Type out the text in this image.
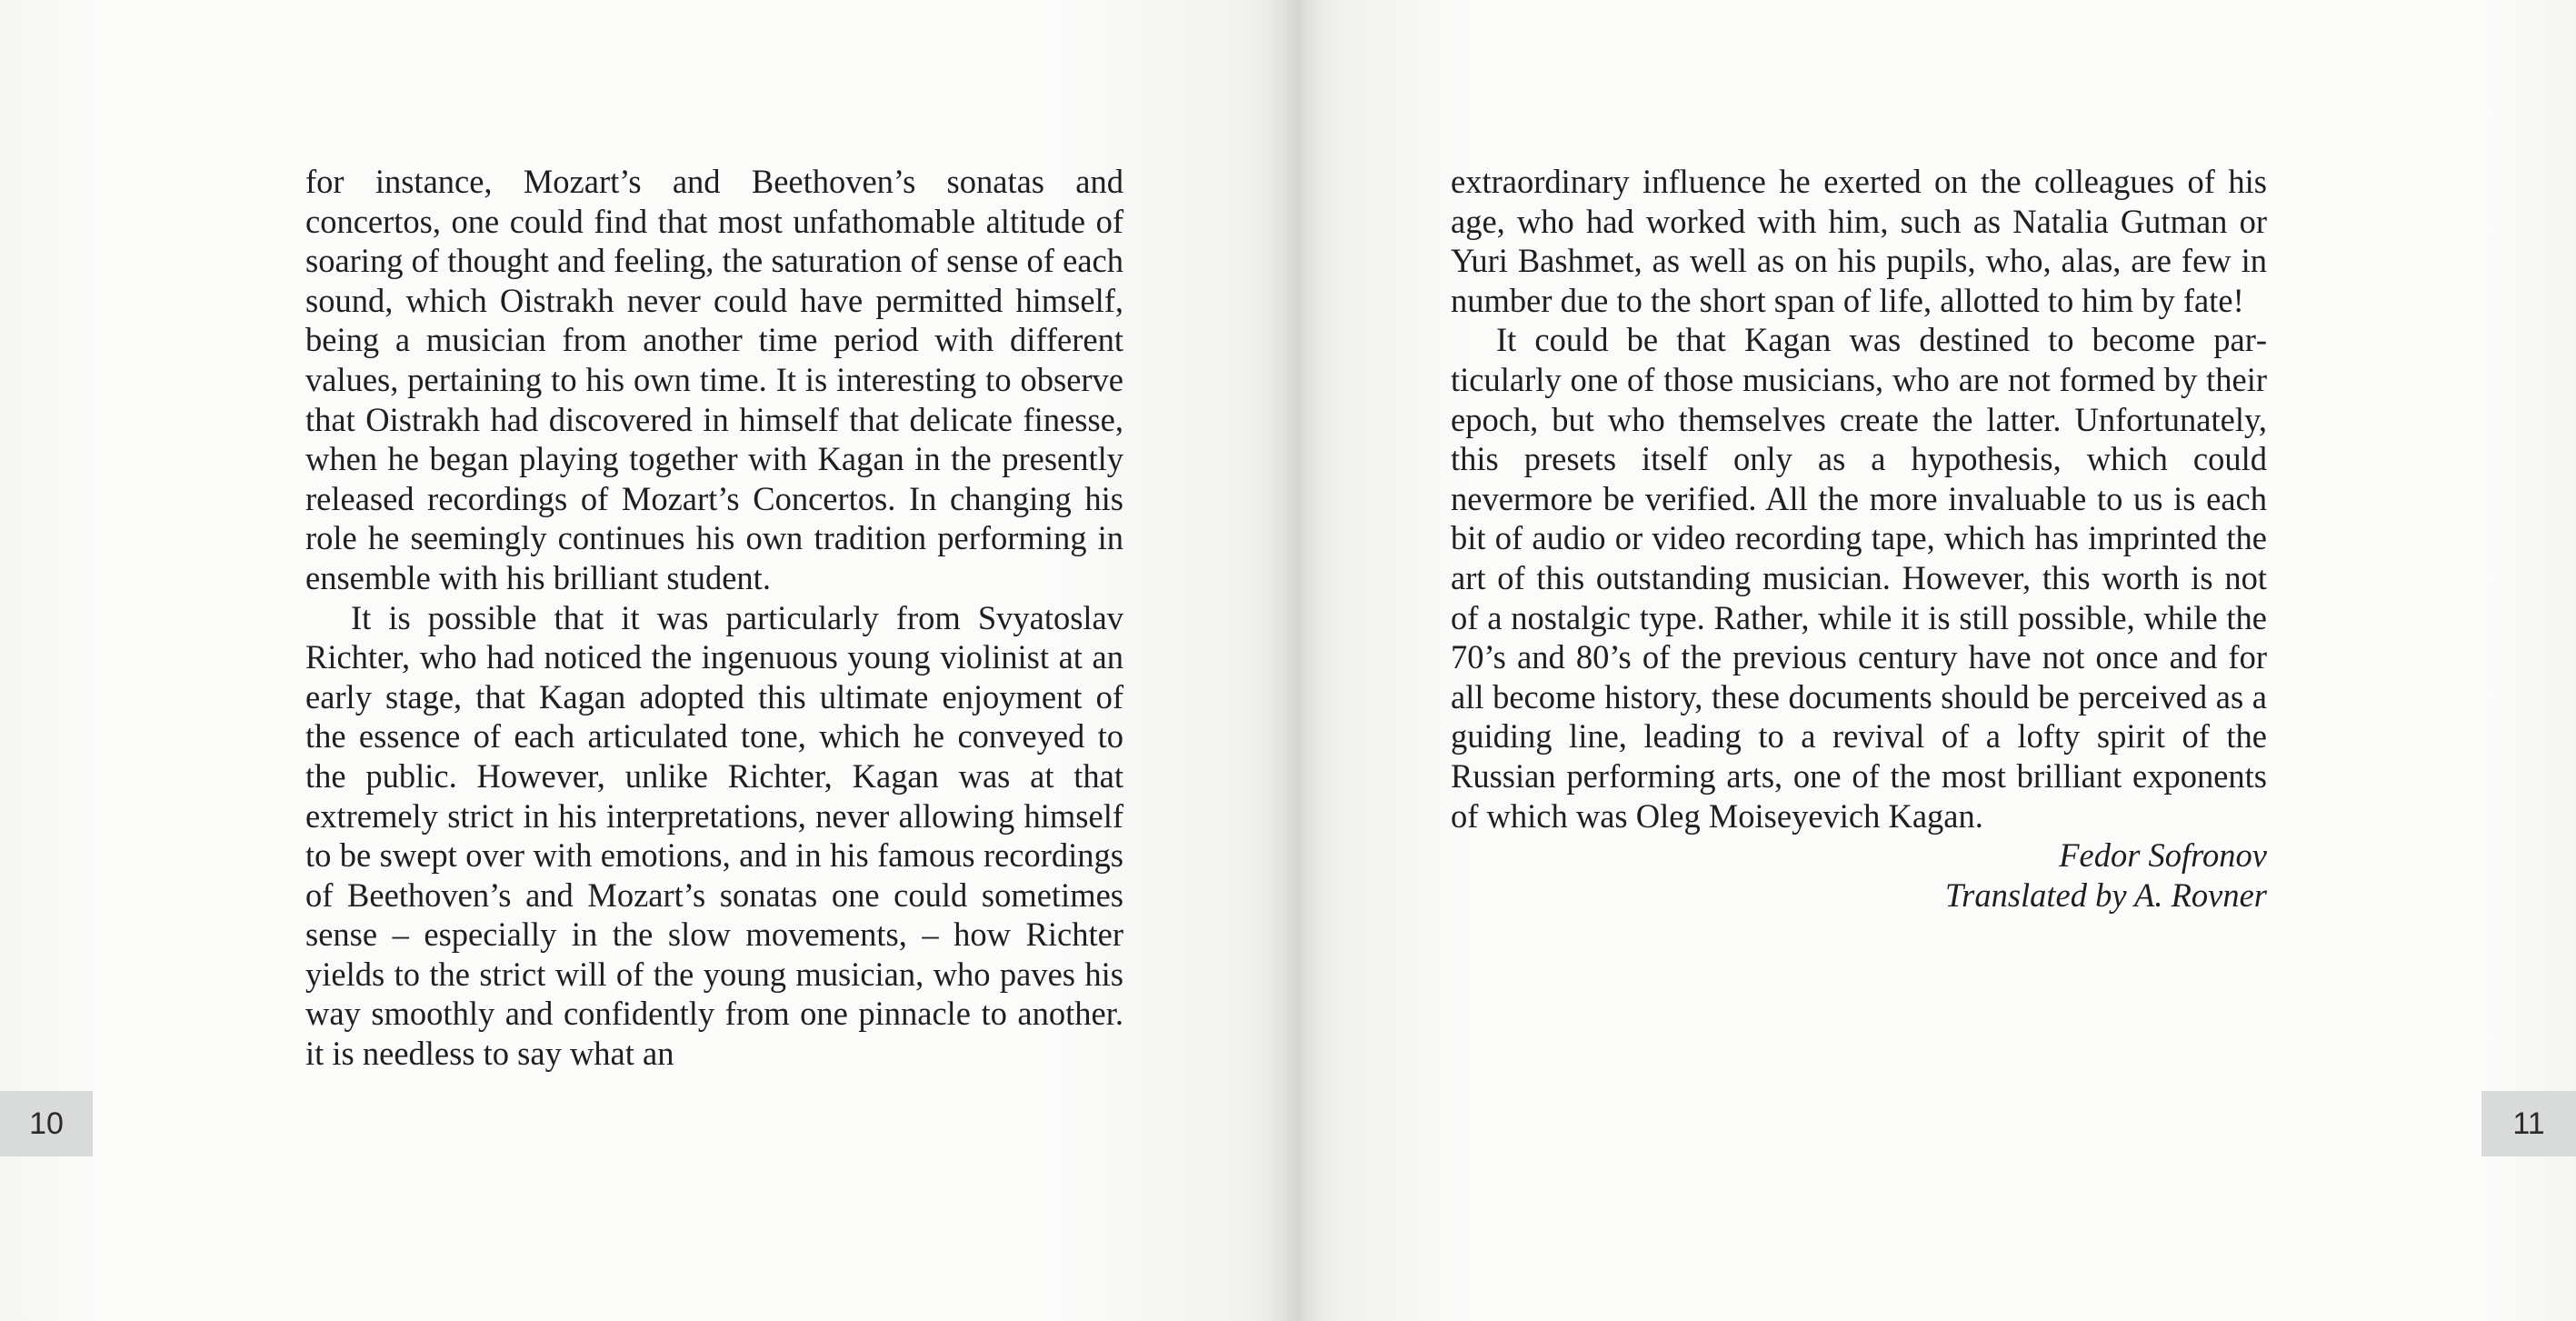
for instance, Mozart’s and Beethoven’s sonatas and concertos, one could find that most unfathomable altitude of soaring of thought and feeling, the saturation of sense of each sound, which Oistrakh never could have permitted himself, being a musician from another time period with different values, pertaining to his own time. It is interesting to observe that Oistrakh had discovered in himself that delicate finesse, when he began playing together with Kagan in the presently released recordings of Mozart’s Concertos. In changing his role he seemingly continues his own tradition performing in ensemble with his brilliant student.

It is possible that it was particularly from Svyatoslav Richter, who had noticed the ingenuous young violinist at an early stage, that Kagan adopted this ultimate enjoyment of the essence of each articulated tone, which he conveyed to the public. However, unlike Richter, Kagan was at that extremely strict in his interpretations, never allowing himself to be swept over with emotions, and in his famous recordings of Beethoven’s and Mozart’s sonatas one could sometimes sense – especially in the slow movements, – how Richter yields to the strict will of the young musician, who paves his way smoothly and confidently from one pinnacle to another. it is needless to say what an

10

extraordinary influence he exerted on the colleagues of his age, who had worked with him, such as Natalia Gutman or Yuri Bashmet, as well as on his pupils, who, alas, are few in number due to the short span of life, allotted to him by fate!

It could be that Kagan was destined to become particularly one of those musicians, who are not formed by their epoch, but who themselves create the latter. Unfortunately, this presets itself only as a hypothesis, which could nevermore be verified. All the more invaluable to us is each bit of audio or video recording tape, which has imprinted the art of this outstanding musician. However, this worth is not of a nostalgic type. Rather, while it is still possible, while the 70’s and 80’s of the previous century have not once and for all become history, these documents should be perceived as a guiding line, leading to a revival of a lofty spirit of the Russian performing arts, one of the most brilliant exponents of which was Oleg Moiseyevich Kagan.

Fedor Sofronov

Translated by A. Rovner

11
